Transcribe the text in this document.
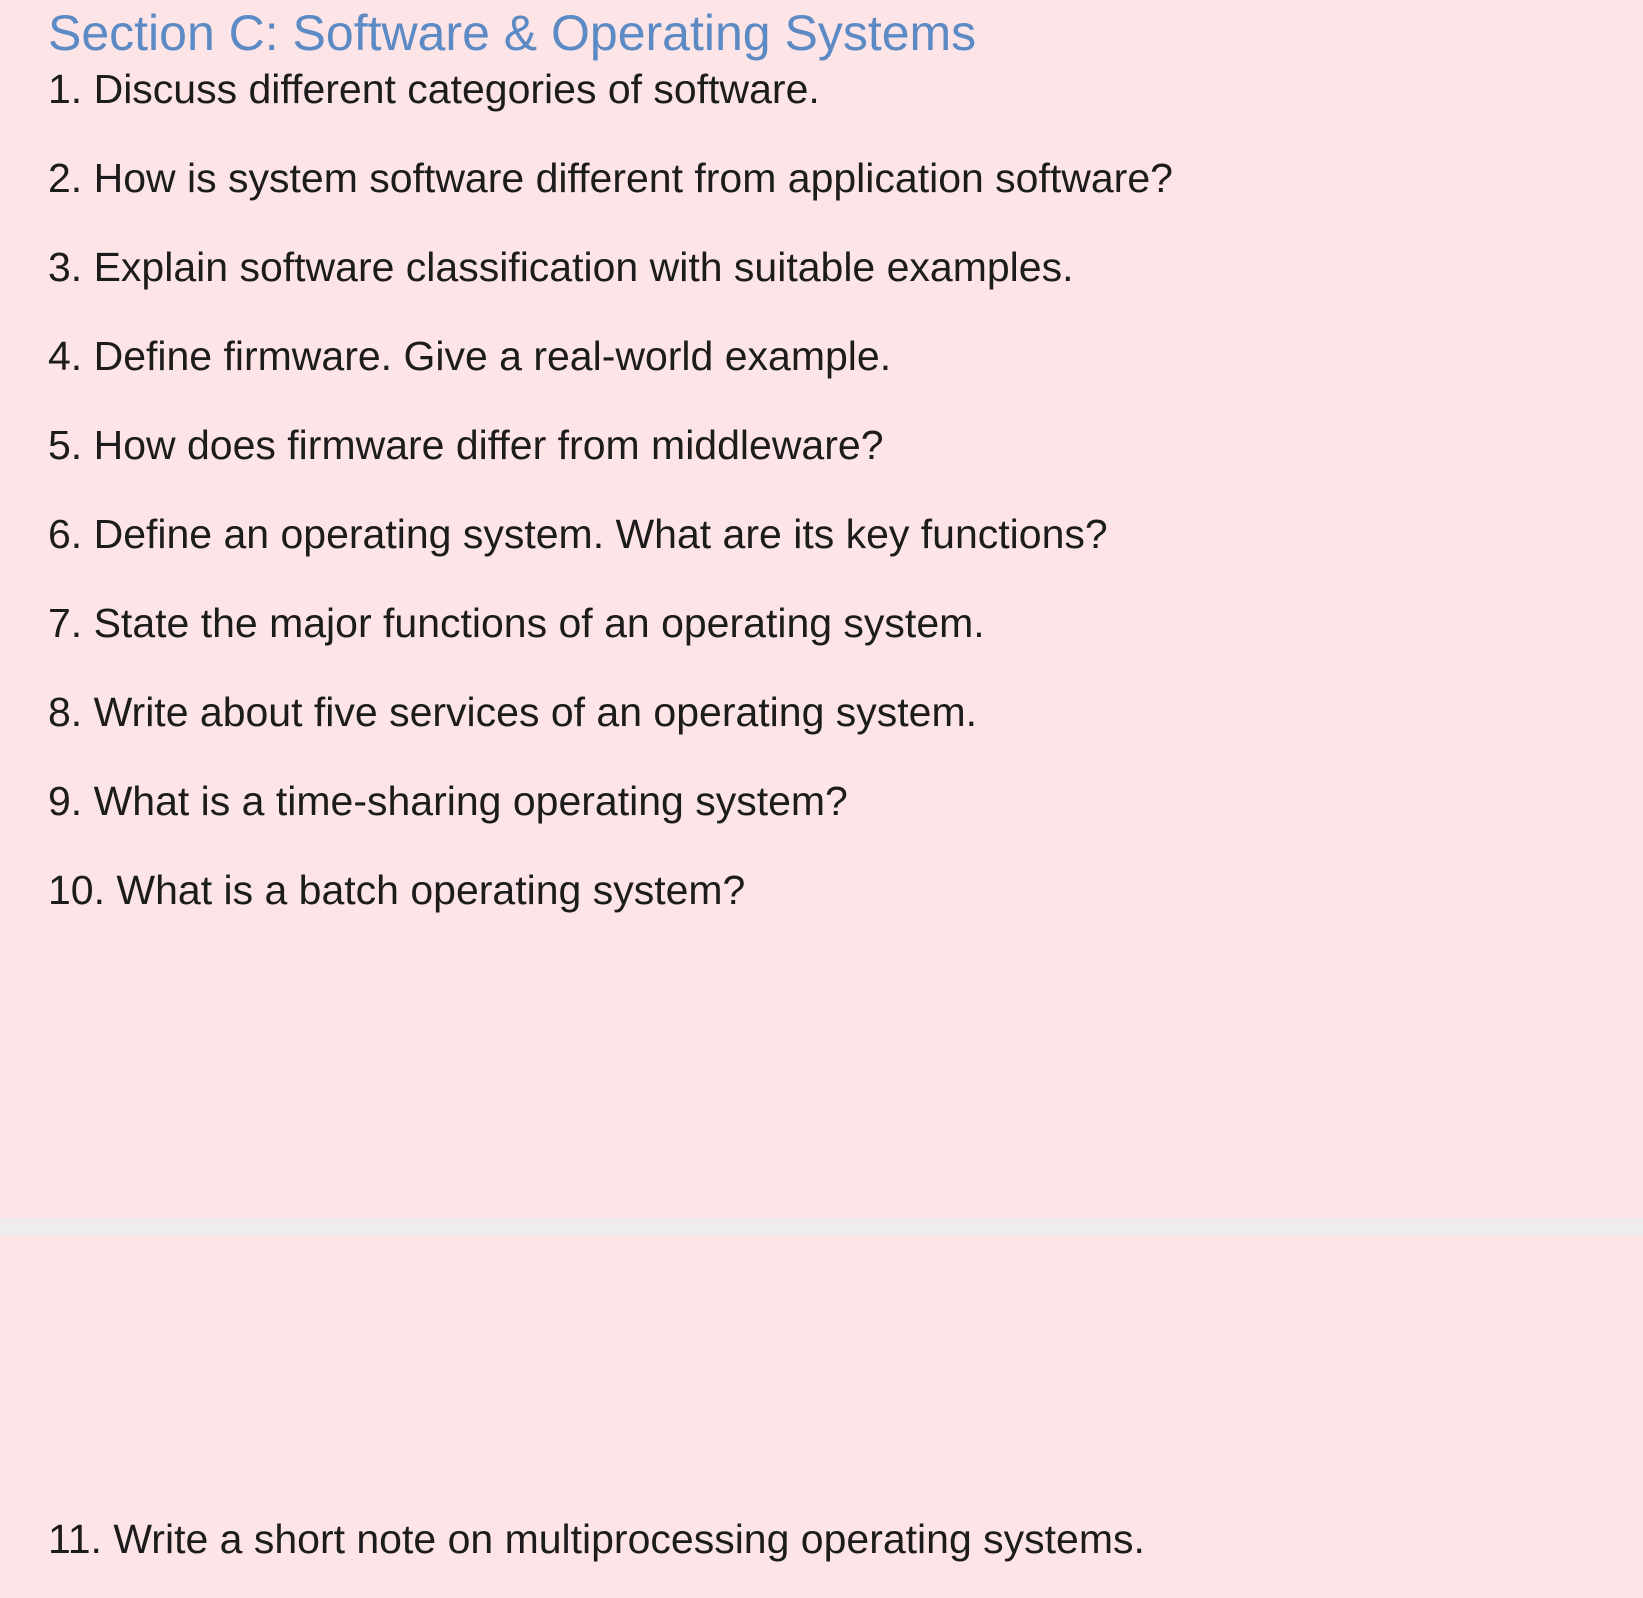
Section C: Software & Operating Systems

1. Discuss different categories of software.

2. How is system software different from application software?

3. Explain software classification with suitable examples.

4. Define firmware. Give a real-world example.

5. How does firmware differ from middleware?

6. Define an operating system. What are its key functions?

7. State the major functions of an operating system.

8. Write about five services of an operating system.

9. What is a time-sharing operating system?

10. What is a batch operating system?

11. Write a short note on multiprocessing operating systems.
